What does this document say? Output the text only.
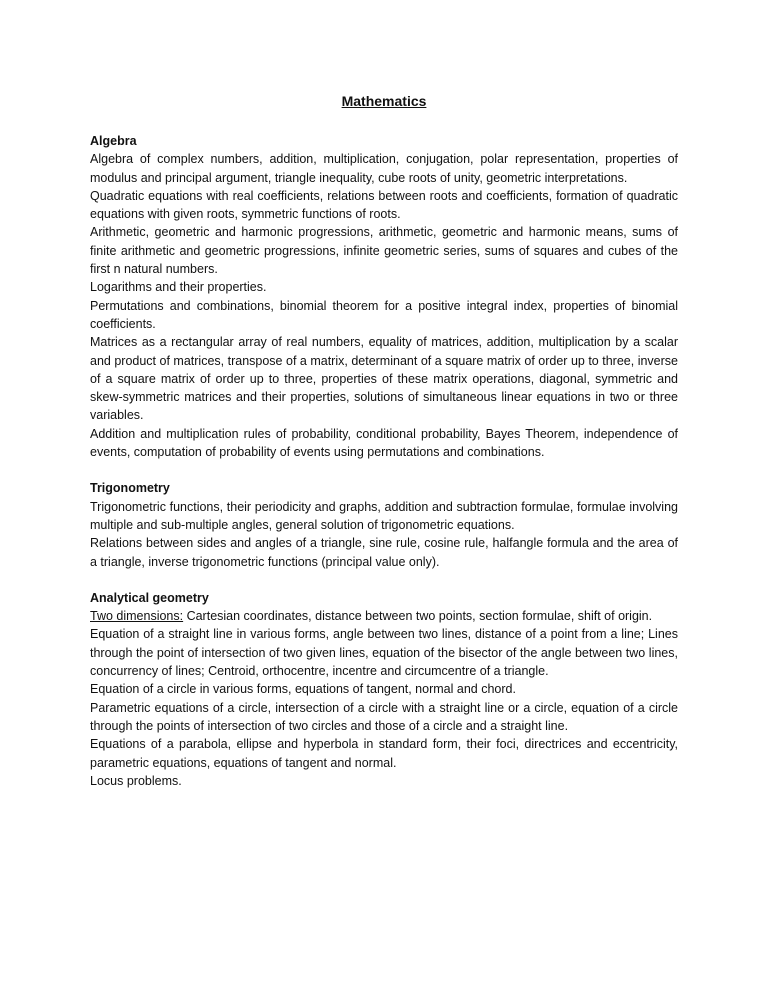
Mathematics
Algebra

Algebra of complex numbers, addition, multiplication, conjugation, polar representation, properties of modulus and principal argument, triangle inequality, cube roots of unity, geometric interpretations.

Quadratic equations with real coefficients, relations between roots and coefficients, formation of quadratic equations with given roots, symmetric functions of roots.

Arithmetic, geometric and harmonic progressions, arithmetic, geometric and harmonic means, sums of finite arithmetic and geometric progressions, infinite geometric series, sums of squares and cubes of the first n natural numbers.

Logarithms and their properties.

Permutations and combinations, binomial theorem for a positive integral index, properties of binomial coefficients.

Matrices as a rectangular array of real numbers, equality of matrices, addition, multiplication by a scalar and product of matrices, transpose of a matrix, determinant of a square matrix of order up to three, inverse of a square matrix of order up to three, properties of these matrix operations, diagonal, symmetric and skew-symmetric matrices and their properties, solutions of simultaneous linear equations in two or three variables.

Addition and multiplication rules of probability, conditional probability, Bayes Theorem, independence of events, computation of probability of events using permutations and combinations.

Trigonometry

Trigonometric functions, their periodicity and graphs, addition and subtraction formulae, formulae involving multiple and sub-multiple angles, general solution of trigonometric equations.

Relations between sides and angles of a triangle, sine rule, cosine rule, halfangle formula and the area of a triangle, inverse trigonometric functions (principal value only).

Analytical geometry

Two dimensions: Cartesian coordinates, distance between two points, section formulae, shift of origin.

Equation of a straight line in various forms, angle between two lines, distance of a point from a line; Lines through the point of intersection of two given lines, equation of the bisector of the angle between two lines, concurrency of lines; Centroid, orthocentre, incentre and circumcentre of a triangle.

Equation of a circle in various forms, equations of tangent, normal and chord.

Parametric equations of a circle, intersection of a circle with a straight line or a circle, equation of a circle through the points of intersection of two circles and those of a circle and a straight line.

Equations of a parabola, ellipse and hyperbola in standard form, their foci, directrices and eccentricity, parametric equations, equations of tangent and normal.

Locus problems.
